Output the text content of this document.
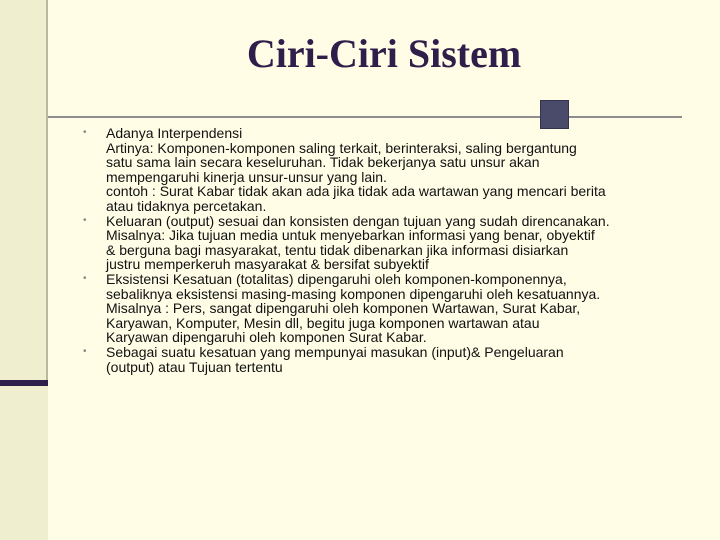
Ciri-Ciri Sistem
• Adanya Interpendensi
Artinya: Komponen-komponen saling terkait, berinteraksi, saling bergantung
satu sama lain secara keseluruhan. Tidak bekerjanya satu unsur akan
mempengaruhi kinerja unsur-unsur yang lain.
contoh : Surat Kabar tidak akan ada jika tidak ada wartawan yang mencari berita
atau tidaknya percetakan.
• Keluaran (output) sesuai dan konsisten dengan tujuan yang sudah direncanakan.
Misalnya: Jika tujuan media untuk menyebarkan informasi yang benar, obyektif
& berguna bagi masyarakat, tentu tidak dibenarkan jika informasi disiarkan
justru memperkeruh masyarakat & bersifat subyektif
• Eksistensi Kesatuan (totalitas) dipengaruhi oleh komponen-komponennya,
sebaliknya eksistensi masing-masing komponen dipengaruhi oleh kesatuannya.
Misalnya : Pers, sangat dipengaruhi oleh komponen Wartawan, Surat Kabar,
Karyawan, Komputer, Mesin dll, begitu juga komponen wartawan atau
Karyawan dipengaruhi oleh komponen Surat Kabar.
• Sebagai suatu kesatuan yang mempunyai masukan (input)& Pengeluaran
(output) atau Tujuan tertentu
